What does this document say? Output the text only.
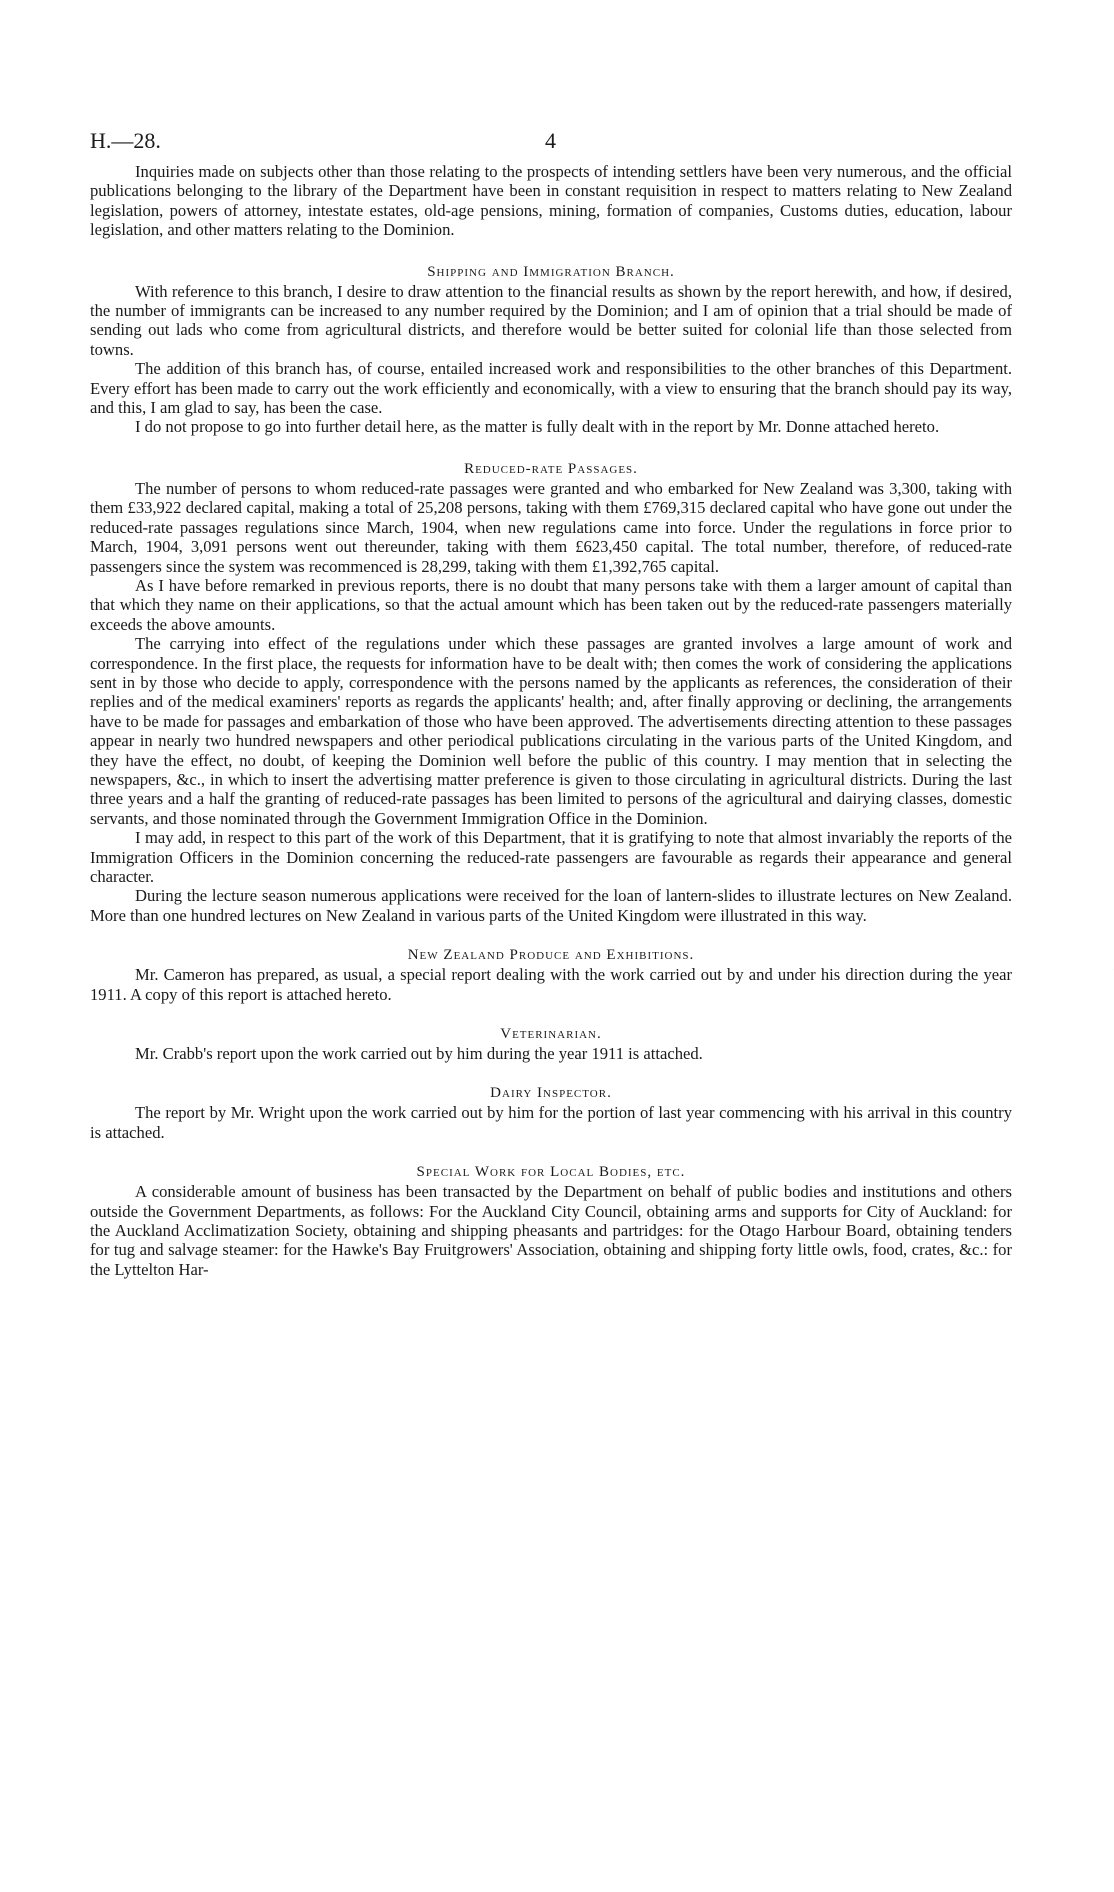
H.—28.	4

Inquiries made on subjects other than those relating to the prospects of intending settlers have been very numerous, and the official publications belonging to the library of the Department have been in constant requisition in respect to matters relating to New Zealand legislation, powers of attorney, intestate estates, old-age pensions, mining, formation of companies, Customs duties, education, labour legislation, and other matters relating to the Dominion.

Shipping and Immigration Branch.

With reference to this branch, I desire to draw attention to the financial results as shown by the report herewith, and how, if desired, the number of immigrants can be increased to any number required by the Dominion; and I am of opinion that a trial should be made of sending out lads who come from agricultural districts, and therefore would be better suited for colonial life than those selected from towns.

The addition of this branch has, of course, entailed increased work and responsibilities to the other branches of this Department. Every effort has been made to carry out the work efficiently and economically, with a view to ensuring that the branch should pay its way, and this, I am glad to say, has been the case.

I do not propose to go into further detail here, as the matter is fully dealt with in the report by Mr. Donne attached hereto.

Reduced-rate Passages.

The number of persons to whom reduced-rate passages were granted and who embarked for New Zealand was 3,300, taking with them £33,922 declared capital, making a total of 25,208 persons, taking with them £769,315 declared capital who have gone out under the reduced-rate passages regulations since March, 1904, when new regulations came into force. Under the regulations in force prior to March, 1904, 3,091 persons went out thereunder, taking with them £623,450 capital. The total number, therefore, of reduced-rate passengers since the system was recommenced is 28,299, taking with them £1,392,765 capital.

As I have before remarked in previous reports, there is no doubt that many persons take with them a larger amount of capital than that which they name on their applications, so that the actual amount which has been taken out by the reduced-rate passengers materially exceeds the above amounts.

The carrying into effect of the regulations under which these passages are granted involves a large amount of work and correspondence. In the first place, the requests for information have to be dealt with; then comes the work of considering the applications sent in by those who decide to apply, correspondence with the persons named by the applicants as references, the consideration of their replies and of the medical examiners' reports as regards the applicants' health; and, after finally approving or declining, the arrangements have to be made for passages and embarkation of those who have been approved. The advertisements directing attention to these passages appear in nearly two hundred newspapers and other periodical publications circulating in the various parts of the United Kingdom, and they have the effect, no doubt, of keeping the Dominion well before the public of this country. I may mention that in selecting the newspapers, &c., in which to insert the advertising matter preference is given to those circulating in agricultural districts. During the last three years and a half the granting of reduced-rate passages has been limited to persons of the agricultural and dairying classes, domestic servants, and those nominated through the Government Immigration Office in the Dominion.

I may add, in respect to this part of the work of this Department, that it is gratifying to note that almost invariably the reports of the Immigration Officers in the Dominion concerning the reduced-rate passengers are favourable as regards their appearance and general character.

During the lecture season numerous applications were received for the loan of lantern-slides to illustrate lectures on New Zealand. More than one hundred lectures on New Zealand in various parts of the United Kingdom were illustrated in this way.

New Zealand Produce and Exhibitions.

Mr. Cameron has prepared, as usual, a special report dealing with the work carried out by and under his direction during the year 1911. A copy of this report is attached hereto.

Veterinarian.

Mr. Crabb's report upon the work carried out by him during the year 1911 is attached.

Dairy Inspector.

The report by Mr. Wright upon the work carried out by him for the portion of last year commencing with his arrival in this country is attached.

Special Work for Local Bodies, etc.

A considerable amount of business has been transacted by the Department on behalf of public bodies and institutions and others outside the Government Departments, as follows: For the Auckland City Council, obtaining arms and supports for City of Auckland: for the Auckland Acclimatization Society, obtaining and shipping pheasants and partridges: for the Otago Harbour Board, obtaining tenders for tug and salvage steamer: for the Hawke's Bay Fruitgrowers' Association, obtaining and shipping forty little owls, food, crates, &c.: for the Lyttelton Har-
